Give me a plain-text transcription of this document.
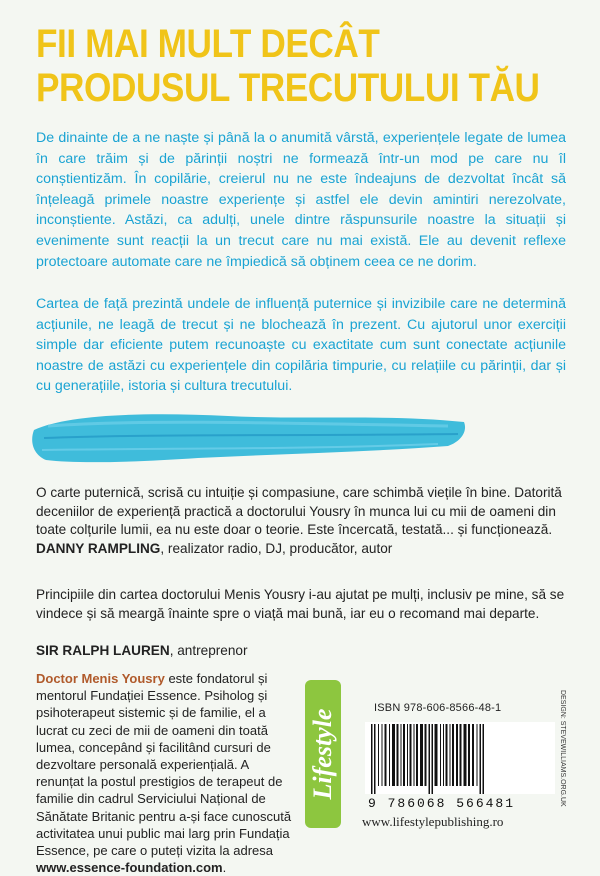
FII MAI MULT DECÂT
PRODUSUL TRECUTULUI TĂU
De dinainte de a ne naște și până la o anumită vârstă, experiențele legate de lumea în care trăim și de părinții noștri ne formează într-un mod pe care nu îl conștientizăm. În copilărie, creierul nu ne este îndeajuns de dezvoltat încât să înțeleagă primele noastre experiențe și astfel ele devin amintiri nerezolvate, inconștiente. Astăzi, ca adulți, unele dintre răspunsurile noastre la situații și evenimente sunt reacții la un trecut care nu mai există. Ele au devenit reflexe protectoare automate care ne împiedică să obținem ceea ce ne dorim.
Cartea de față prezintă undele de influență puternice și invizibile care ne determină acțiunile, ne leagă de trecut și ne blochează în prezent. Cu ajutorul unor exerciții simple dar eficiente putem recunoaște cu exactitate cum sunt conectate acțiunile noastre de astăzi cu experiențele din copilăria timpurie, cu relațiile cu părinții, dar și cu generațiile, istoria și cultura trecutului.
O carte puternică, scrisă cu intuiție și compasiune, care schimbă viețile în bine. Datorită deceniilor de experiență practică a doctorului Yousry în munca lui cu mii de oameni din toate colțurile lumii, ea nu este doar o teorie. Este încercată, testată... și funcționează.
DANNY RAMPLING, realizator radio, DJ, producător, autor
Principiile din cartea doctorului Menis Yousry i-au ajutat pe mulți, inclusiv pe mine, să se vindece și să meargă înainte spre o viață mai bună, iar eu o recomand mai departe.
SIR RALPH LAUREN, antreprenor
Doctor Menis Yousry este fondatorul și mentorul Fundației Essence. Psiholog și psihoterapeut sistemic și de familie, el a lucrat cu zeci de mii de oameni din toată lumea, concepând și facilitând cursuri de dezvoltare personală experiențială. A renunțat la postul prestigios de terapeut de familie din cadrul Serviciului Național de Sănătate Britanic pentru a-și face cunoscută activitatea unui public mai larg prin Fundația Essence, pe care o puteți vizita la adresa www.essence-foundation.com.
Lifestyle
ISBN 978-606-8566-48-1
9 786068 566481
www.lifestylepublishing.ro
DESIGN: STEVEWILLIAMS.ORG.UK
